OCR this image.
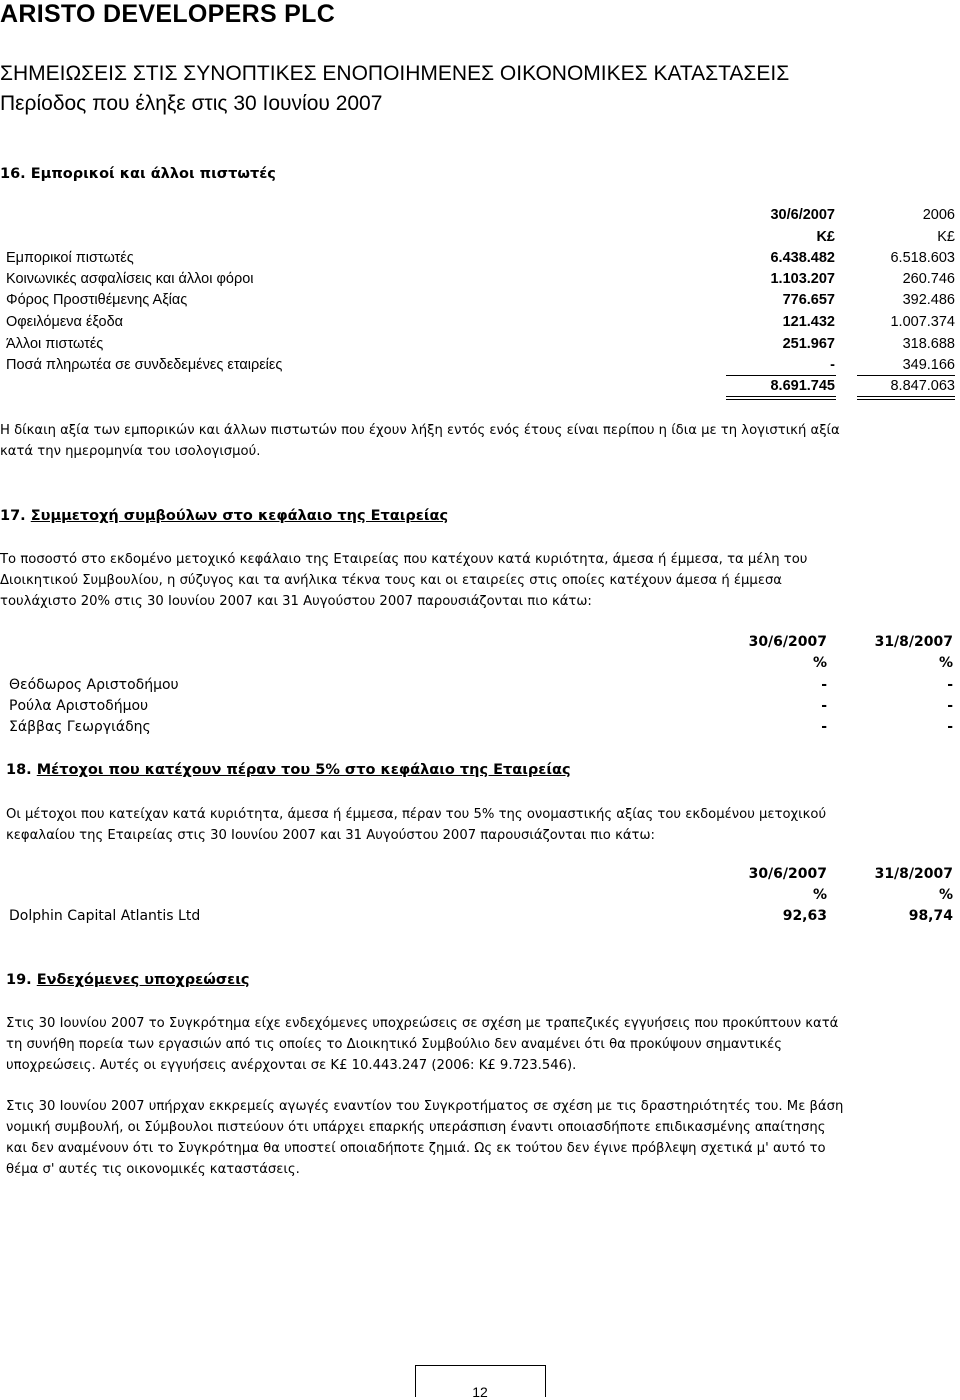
ARISTO DEVELOPERS PLC
ΣΗΜΕΙΩΣΕΙΣ ΣΤΙΣ ΣΥΝΟΠΤΙΚΕΣ ΕΝΟΠΟΙΗΜΕΝΕΣ ΟΙΚΟΝΟΜΙΚΕΣ ΚΑΤΑΣΤΑΣΕΙΣ
Περίοδος που έληξε στις 30 Ιουνίου 2007
16. Εμπορικοί και άλλοι πιστωτές
30/6/2007	2006
Κ£	Κ£
Εμπορικοί πιστωτές	6.438.482	6.518.603
Κοινωνικές ασφαλίσεις και άλλοι φόροι	1.103.207	260.746
Φόρος Προστιθέμενης Αξίας	776.657	392.486
Οφειλόμενα έξοδα	121.432	1.007.374
Άλλοι πιστωτές	251.967	318.688
Ποσά πληρωτέα σε συνδεδεμένες εταιρείες	-	349.166
8.691.745	8.847.063
Η δίκαιη αξία των εμπορικών και άλλων πιστωτών που έχουν λήξη εντός ενός έτους είναι περίπου η ίδια με τη λογιστική αξία
κατά την ημερομηνία του ισολογισμού.
17. Συμμετοχή συμβούλων στο κεφάλαιο της Εταιρείας
Το ποσοστό στο εκδομένο μετοχικό κεφάλαιο της Εταιρείας που κατέχουν κατά κυριότητα, άμεσα ή έμμεσα, τα μέλη του
Διοικητικού Συμβουλίου, η σύζυγος και τα ανήλικα τέκνα τους και οι εταιρείες στις οποίες κατέχουν άμεσα ή έμμεσα
τουλάχιστο 20% στις 30 Ιουνίου 2007 και 31 Αυγούστου 2007 παρουσιάζονται πιο κάτω:
30/6/2007	31/8/2007
%	%
Θεόδωρος Αριστοδήμου	-	-
Ρούλα Αριστοδήμου	-	-
Σάββας Γεωργιάδης	-	-
18. Μέτοχοι που κατέχουν πέραν του 5% στο κεφάλαιο της Εταιρείας
Οι μέτοχοι που κατείχαν κατά κυριότητα, άμεσα ή έμμεσα, πέραν του 5% της ονομαστικής αξίας του εκδομένου μετοχικού
κεφαλαίου της Εταιρείας στις 30 Ιουνίου 2007 και 31 Αυγούστου 2007 παρουσιάζονται πιο κάτω:
30/6/2007	31/8/2007
%	%
Dolphin Capital Atlantis Ltd	92,63	98,74
19. Ενδεχόμενες υποχρεώσεις
Στις 30 Ιουνίου 2007 το Συγκρότημα είχε ενδεχόμενες υποχρεώσεις σε σχέση με τραπεζικές εγγυήσεις που προκύπτουν κατά
τη συνήθη πορεία των εργασιών από τις οποίες το Διοικητικό Συμβούλιο δεν αναμένει ότι θα προκύψουν σημαντικές
υποχρεώσεις. Αυτές οι εγγυήσεις ανέρχονται σε Κ£ 10.443.247 (2006: Κ£ 9.723.546).
Στις 30 Ιουνίου 2007 υπήρχαν εκκρεμείς αγωγές εναντίον του Συγκροτήματος σε σχέση με τις δραστηριότητές του. Με βάση
νομική συμβουλή, οι Σύμβουλοι πιστεύουν ότι υπάρχει επαρκής υπεράσπιση έναντι οποιασδήποτε επιδικασμένης απαίτησης
και δεν αναμένουν ότι το Συγκρότημα θα υποστεί οποιαδήποτε ζημιά. Ως εκ τούτου δεν έγινε πρόβλεψη σχετικά μ' αυτό το
θέμα σ' αυτές τις οικονομικές καταστάσεις.
12
